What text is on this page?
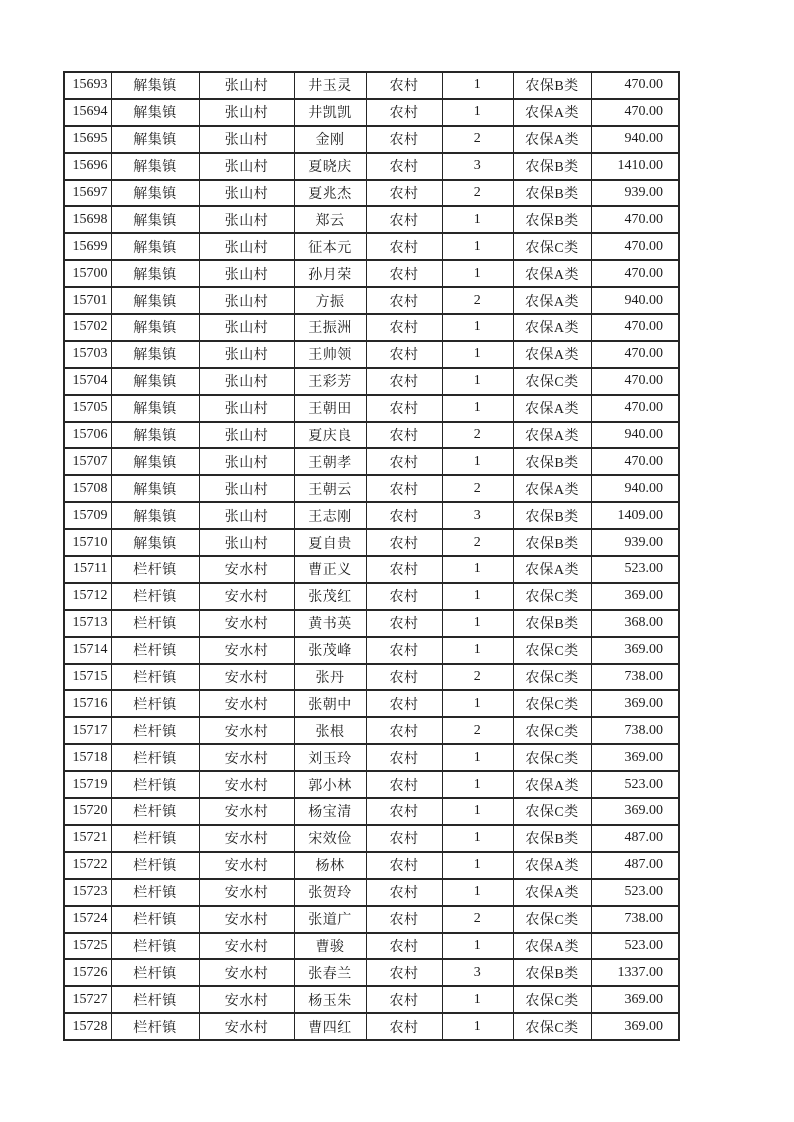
15693	解集镇	张山村	井玉灵	农村	1	农保B类	470.00
15694	解集镇	张山村	井凯凯	农村	1	农保A类	470.00
15695	解集镇	张山村	金刚	农村	2	农保A类	940.00
15696	解集镇	张山村	夏晓庆	农村	3	农保B类	1410.00
15697	解集镇	张山村	夏兆杰	农村	2	农保B类	939.00
15698	解集镇	张山村	郑云	农村	1	农保B类	470.00
15699	解集镇	张山村	征本元	农村	1	农保C类	470.00
15700	解集镇	张山村	孙月荣	农村	1	农保A类	470.00
15701	解集镇	张山村	方振	农村	2	农保A类	940.00
15702	解集镇	张山村	王振洲	农村	1	农保A类	470.00
15703	解集镇	张山村	王帅领	农村	1	农保A类	470.00
15704	解集镇	张山村	王彩芳	农村	1	农保C类	470.00
15705	解集镇	张山村	王朝田	农村	1	农保A类	470.00
15706	解集镇	张山村	夏庆良	农村	2	农保A类	940.00
15707	解集镇	张山村	王朝孝	农村	1	农保B类	470.00
15708	解集镇	张山村	王朝云	农村	2	农保A类	940.00
15709	解集镇	张山村	王志刚	农村	3	农保B类	1409.00
15710	解集镇	张山村	夏自贵	农村	2	农保B类	939.00
15711	栏杆镇	安水村	曹正义	农村	1	农保A类	523.00
15712	栏杆镇	安水村	张茂红	农村	1	农保C类	369.00
15713	栏杆镇	安水村	黄书英	农村	1	农保B类	368.00
15714	栏杆镇	安水村	张茂峰	农村	1	农保C类	369.00
15715	栏杆镇	安水村	张丹	农村	2	农保C类	738.00
15716	栏杆镇	安水村	张朝中	农村	1	农保C类	369.00
15717	栏杆镇	安水村	张根	农村	2	农保C类	738.00
15718	栏杆镇	安水村	刘玉玲	农村	1	农保C类	369.00
15719	栏杆镇	安水村	郭小林	农村	1	农保A类	523.00
15720	栏杆镇	安水村	杨宝清	农村	1	农保C类	369.00
15721	栏杆镇	安水村	宋效俭	农村	1	农保B类	487.00
15722	栏杆镇	安水村	杨林	农村	1	农保A类	487.00
15723	栏杆镇	安水村	张贺玲	农村	1	农保A类	523.00
15724	栏杆镇	安水村	张道广	农村	2	农保C类	738.00
15725	栏杆镇	安水村	曹骏	农村	1	农保A类	523.00
15726	栏杆镇	安水村	张春兰	农村	3	农保B类	1337.00
15727	栏杆镇	安水村	杨玉朱	农村	1	农保C类	369.00
15728	栏杆镇	安水村	曹四红	农村	1	农保C类	369.00
